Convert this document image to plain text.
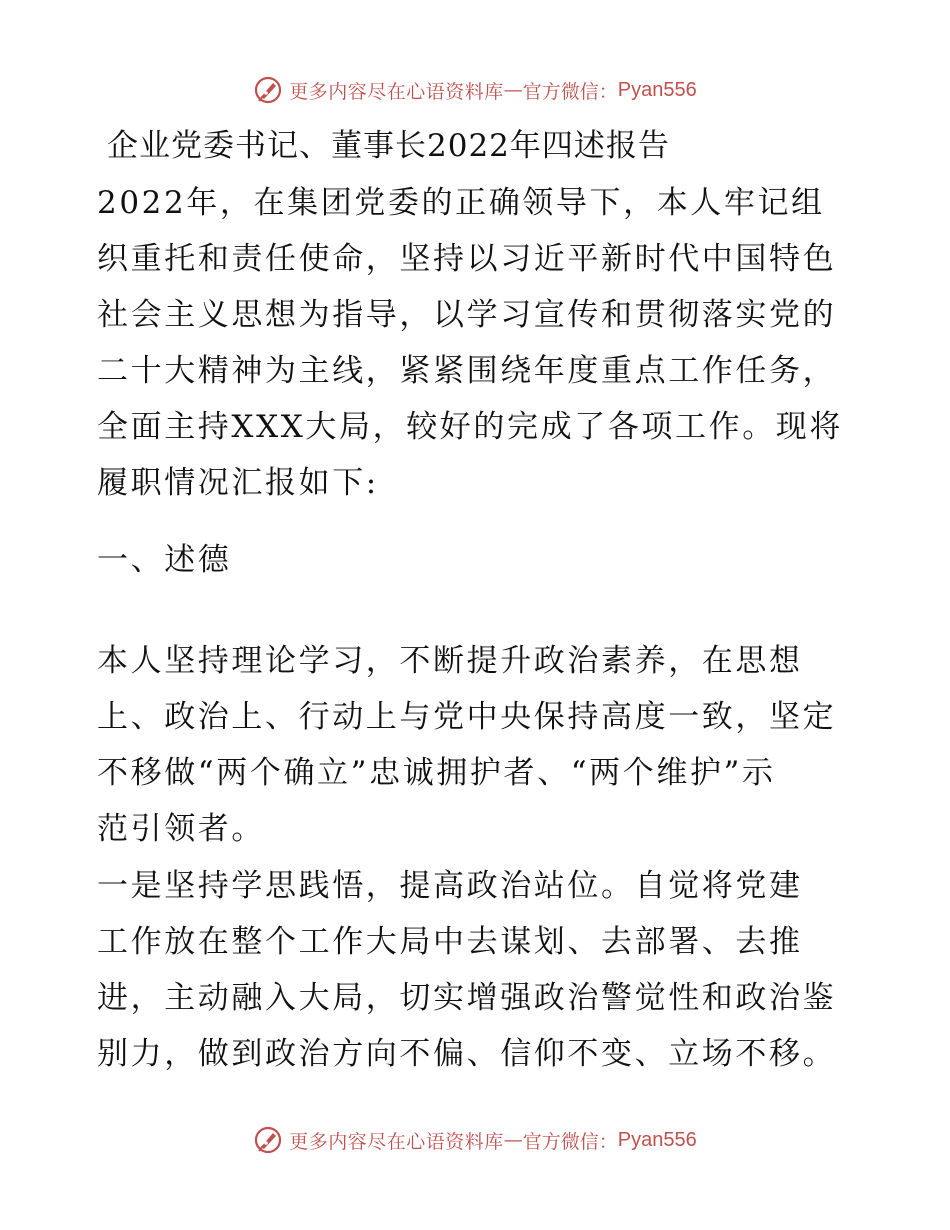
更多内容尽在心语资料库 — 官方微信： Pyan556
企业党委书记、董事长2022年四述报告
2022年，在集团党委的正确领导下，本人牢记组
织重托和责任使命，坚持以习近平新时代中国特色
社会主义思想为指导，以学习宣传和贯彻落实党的
二十大精神为主线，紧紧围绕年度重点工作任务，
全面主持XXX大局，较好的完成了各项工作。现将
履职情况汇报如下:
一、述德
本人坚持理论学习，不断提升政治素养，在思想
上、政治上、行动上与党中央保持高度一致，坚定
不移做“两个确立”忠诚拥护者、“两个维护”示
范引领者。
一是坚持学思践悟，提高政治站位。自觉将党建
工作放在整个工作大局中去谋划、去部署、去推
进，主动融入大局，切实增强政治警觉性和政治鉴
别力，做到政治方向不偏、信仰不变、立场不移。
更多内容尽在心语资料库 — 官方微信： Pyan556
